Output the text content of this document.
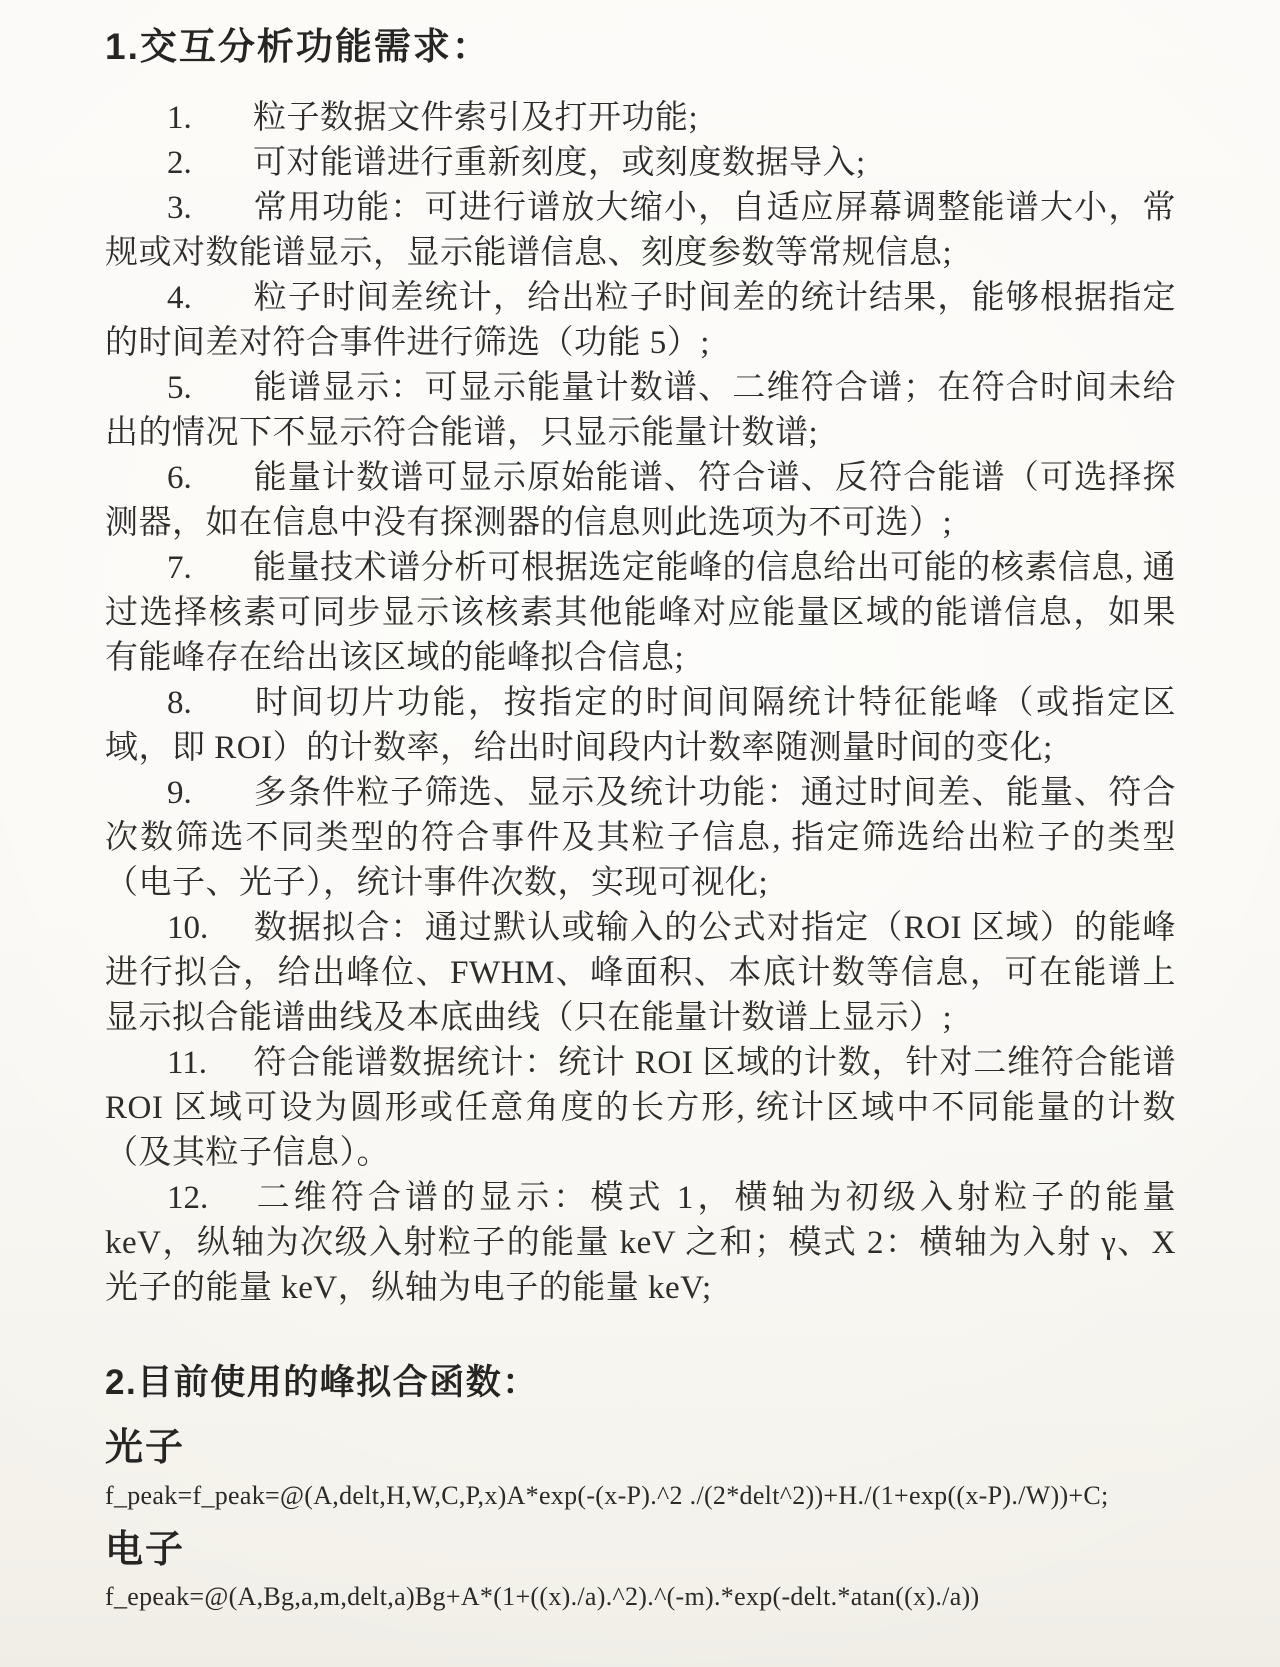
1.交互分析功能需求：

1. 粒子数据文件索引及打开功能;

2. 可对能谱进行重新刻度，或刻度数据导入;

3. 常用功能：可进行谱放大缩小，自适应屏幕调整能谱大小，常规或对数能谱显示，显示能谱信息、刻度参数等常规信息;

4. 粒子时间差统计，给出粒子时间差的统计结果，能够根据指定的时间差对符合事件进行筛选（功能 5）;

5. 能谱显示：可显示能量计数谱、二维符合谱；在符合时间未给出的情况下不显示符合能谱，只显示能量计数谱;

6. 能量计数谱可显示原始能谱、符合谱、反符合能谱（可选择探测器，如在信息中没有探测器的信息则此选项为不可选）;

7. 能量技术谱分析可根据选定能峰的信息给出可能的核素信息, 通过选择核素可同步显示该核素其他能峰对应能量区域的能谱信息，如果有能峰存在给出该区域的能峰拟合信息;

8. 时间切片功能，按指定的时间间隔统计特征能峰（或指定区域，即 ROI）的计数率，给出时间段内计数率随测量时间的变化;

9. 多条件粒子筛选、显示及统计功能：通过时间差、能量、符合次数筛选不同类型的符合事件及其粒子信息, 指定筛选给出粒子的类型（电子、光子），统计事件次数，实现可视化;

10. 数据拟合：通过默认或输入的公式对指定（ROI 区域）的能峰进行拟合，给出峰位、FWHM、峰面积、本底计数等信息，可在能谱上显示拟合能谱曲线及本底曲线（只在能量计数谱上显示）;

11. 符合能谱数据统计：统计 ROI 区域的计数，针对二维符合能谱 ROI 区域可设为圆形或任意角度的长方形, 统计区域中不同能量的计数（及其粒子信息）。

12. 二维符合谱的显示：模式 1，横轴为初级入射粒子的能量 keV，纵轴为次级入射粒子的能量 keV 之和；模式 2：横轴为入射 γ、X 光子的能量 keV，纵轴为电子的能量 keV;

2.目前使用的峰拟合函数：
光子
f_peak=f_peak=@(A,delt,H,W,C,P,x)A*exp(-(x-P).^2 ./(2*delt^2))+H./(1+exp((x-P)./W))+C;
电子
f_epeak=@(A,Bg,a,m,delt,a)Bg+A*(1+((x)./a).^2).^(-m).*exp(-delt.*atan((x)./a))
